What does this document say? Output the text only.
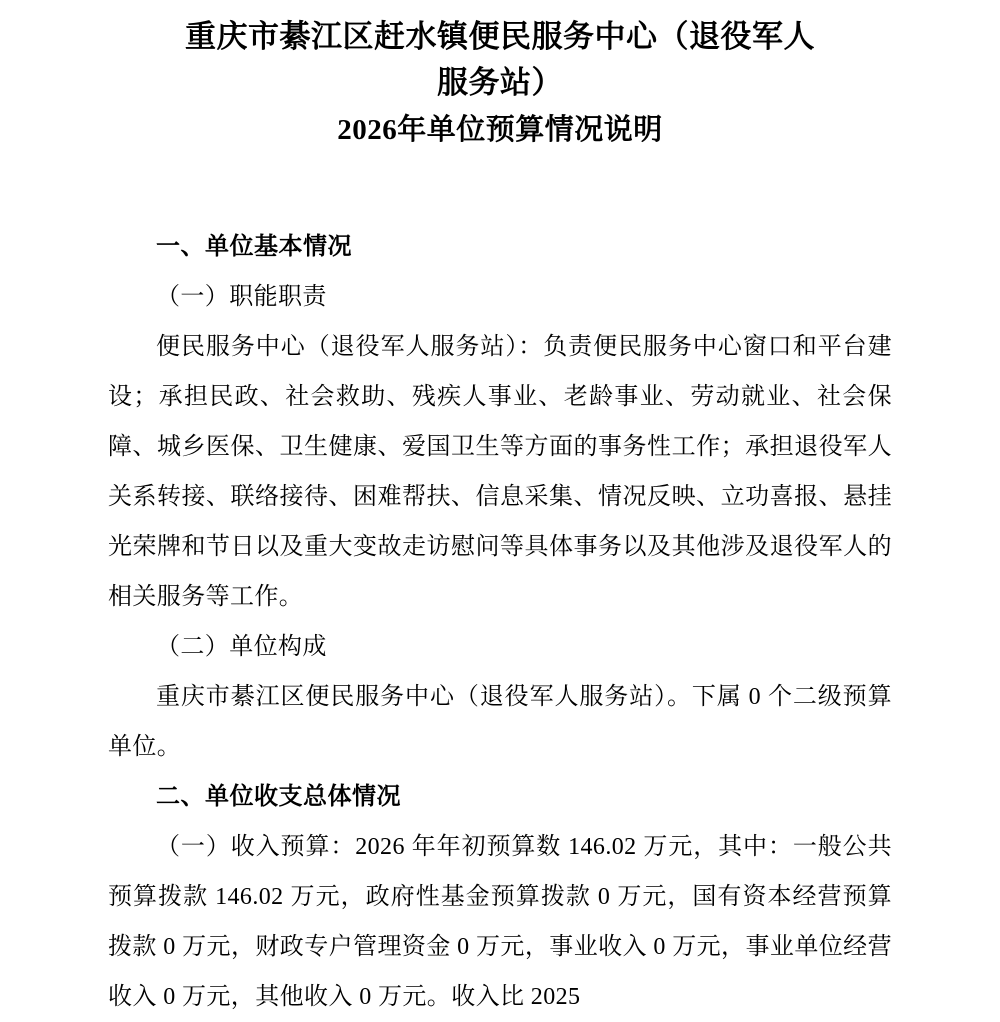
重庆市綦江区赶水镇便民服务中心（退役军人
服务站）
2026年单位预算情况说明
一、单位基本情况

（一）职能职责

便民服务中心（退役军人服务站）：负责便民服务中心窗口和平台建设；承担民政、社会救助、残疾人事业、老龄事业、劳动就业、社会保障、城乡医保、卫生健康、爱国卫生等方面的事务性工作；承担退役军人关系转接、联络接待、困难帮扶、信息采集、情况反映、立功喜报、悬挂光荣牌和节日以及重大变故走访慰问等具体事务以及其他涉及退役军人的相关服务等工作。

（二）单位构成

重庆市綦江区便民服务中心（退役军人服务站）。下属 0 个二级预算单位。

二、单位收支总体情况

（一）收入预算：2026 年年初预算数 146.02 万元，其中：一般公共预算拨款 146.02 万元，政府性基金预算拨款 0 万元，国有资本经营预算拨款 0 万元，财政专户管理资金 0 万元，事业收入 0 万元，事业单位经营收入 0 万元，其他收入 0 万元。收入比 2025
